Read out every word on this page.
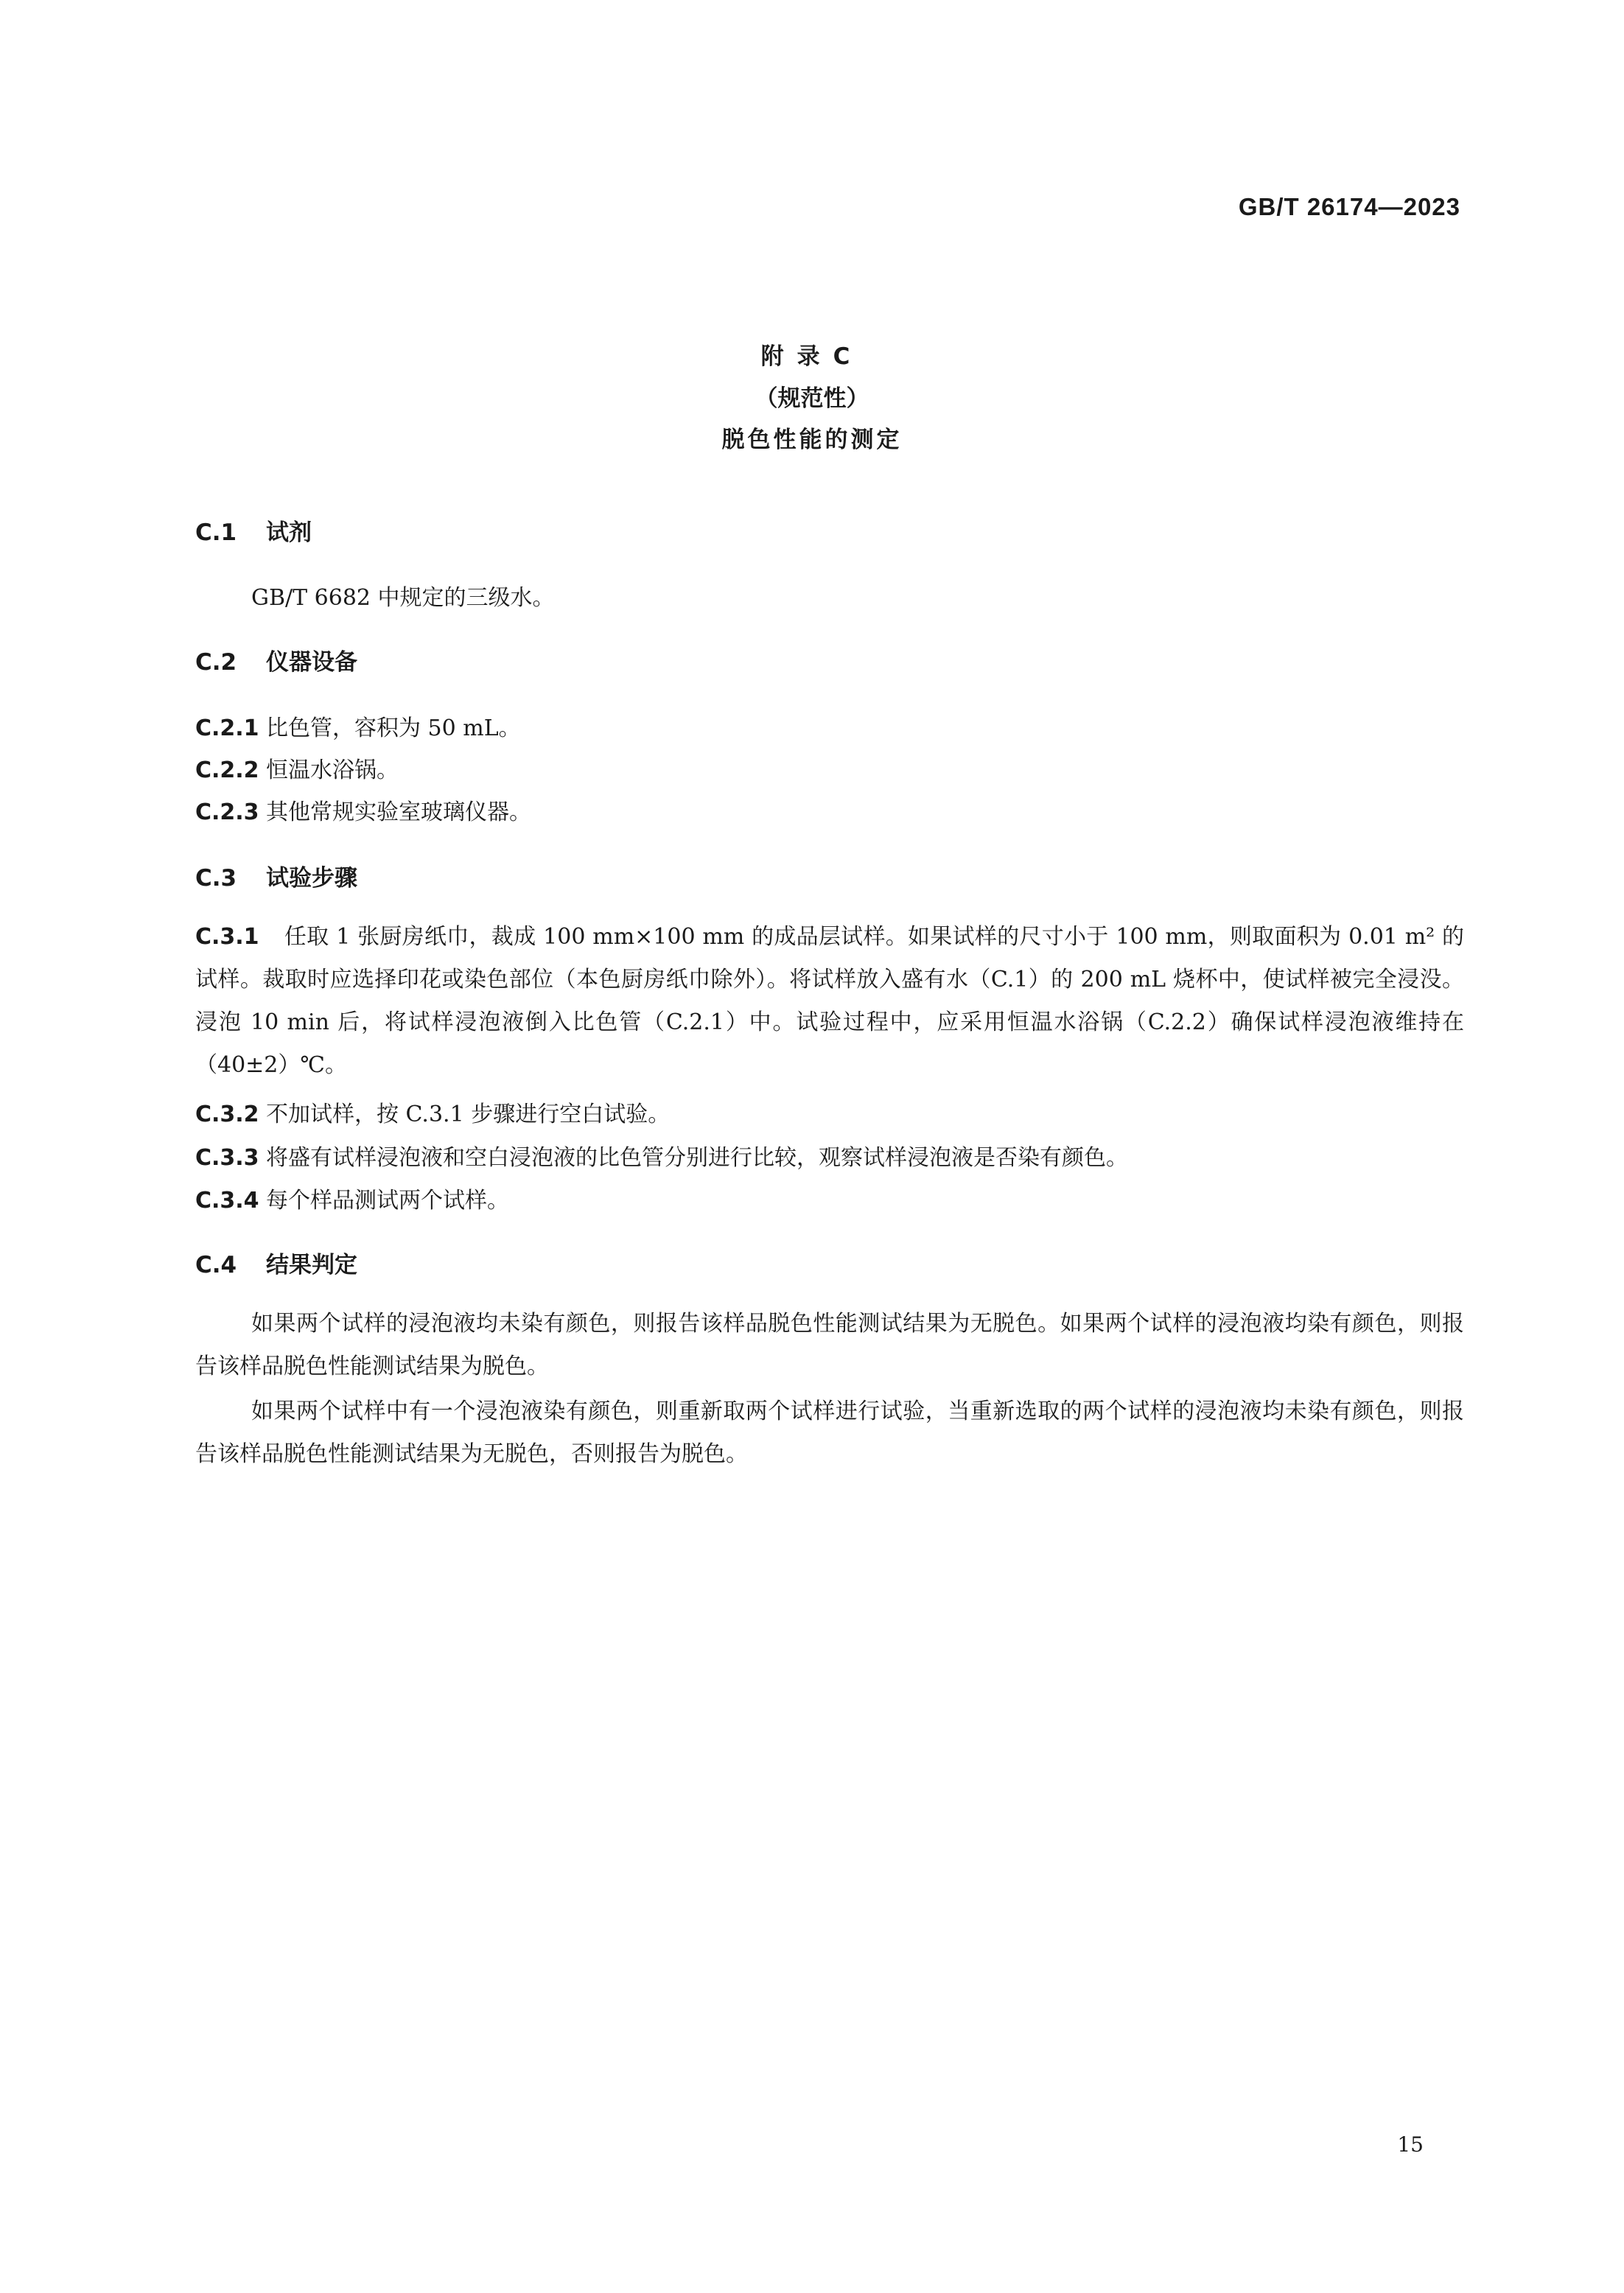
GB/T 26174—2023
附录C
（规范性）
脱色性能的测定
C.1 试剂
GB/T 6682 中规定的三级水。
C.2 仪器设备
C.2.1 比色管，容积为 50 mL。
C.2.2 恒温水浴锅。
C.2.3 其他常规实验室玻璃仪器。
C.3 试验步骤
C.3.1 任取 1 张厨房纸巾，裁成 100 mm×100 mm 的成品层试样。如果试样的尺寸小于 100 mm，则取面积为 0.01 m² 的试样。裁取时应选择印花或染色部位（本色厨房纸巾除外）。将试样放入盛有水（C.1）的 200 mL 烧杯中，使试样被完全浸没。浸泡 10 min 后，将试样浸泡液倒入比色管（C.2.1）中。试验过程中，应采用恒温水浴锅（C.2.2）确保试样浸泡液维持在（40±2）℃。
C.3.2 不加试样，按 C.3.1 步骤进行空白试验。
C.3.3 将盛有试样浸泡液和空白浸泡液的比色管分别进行比较，观察试样浸泡液是否染有颜色。
C.3.4 每个样品测试两个试样。
C.4 结果判定
如果两个试样的浸泡液均未染有颜色，则报告该样品脱色性能测试结果为无脱色。如果两个试样的浸泡液均染有颜色，则报告该样品脱色性能测试结果为脱色。
如果两个试样中有一个浸泡液染有颜色，则重新取两个试样进行试验，当重新选取的两个试样的浸泡液均未染有颜色，则报告该样品脱色性能测试结果为无脱色，否则报告为脱色。
15
